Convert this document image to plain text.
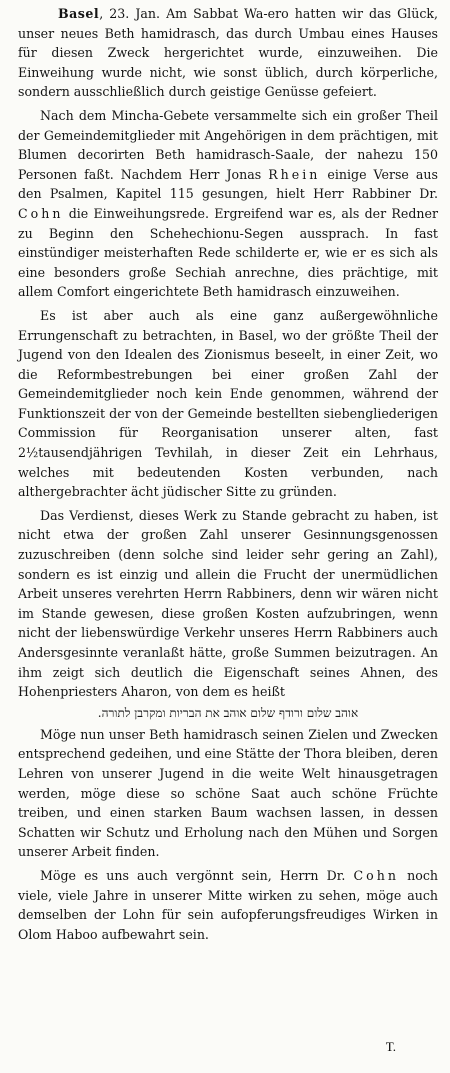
Basel, 23. Jan. Am Sabbat Wa-ero hatten wir das Glück, unser neues Beth hamidrasch, das durch Umbau eines Hauses für diesen Zweck hergerichtet wurde, einzuweihen. Die Einweihung wurde nicht, wie sonst üblich, durch körperliche, sondern ausschließlich durch geistige Genüsse gefeiert.

Nach dem Mincha-Gebete versammelte sich ein großer Theil der Gemeindemitglieder mit Angehörigen in dem prächtigen, mit Blumen decorirten Beth hamidrasch-Saale, der nahezu 150 Personen faßt. Nachdem Herr Jonas Rhein einige Verse aus den Psalmen, Kapitel 115 gesungen, hielt Herr Rabbiner Dr. Cohn die Einweihungsrede. Ergreifend war es, als der Redner zu Beginn den Schehechionu-Segen aussprach. In fast einstündiger meisterhaften Rede schilderte er, wie er es sich als eine besonders große Sechiah anrechne, dies prächtige, mit allem Comfort eingerichtete Beth hamidrasch einzuweihen.

Es ist aber auch als eine ganz außergewöhnliche Errungenschaft zu betrachten, in Basel, wo der größte Theil der Jugend von den Idealen des Zionismus beseelt, in einer Zeit, wo die Reformbestrebungen bei einer großen Zahl der Gemeindemitglieder noch kein Ende genommen, während der Funktionszeit der von der Gemeinde bestellten siebengliederigen Commission für Reorganisation unserer alten, fast 2½tausendjährigen Tevhilah, in dieser Zeit ein Lehrhaus, welches mit bedeutenden Kosten verbunden, nach althergebrachter ächt jüdischer Sitte zu gründen.

Das Verdienst, dieses Werk zu Stande gebracht zu haben, ist nicht etwa der großen Zahl unserer Gesinnungsgenossen zuzuschreiben (denn solche sind leider sehr gering an Zahl), sondern es ist einzig und allein die Frucht der unermüdlichen Arbeit unseres verehrten Herrn Rabbiners, denn wir wären nicht im Stande gewesen, diese großen Kosten aufzubringen, wenn nicht der liebenswürdige Verkehr unseres Herrn Rabbiners auch Andersgesinnte veranlaßt hätte, große Summen beizutragen. An ihm zeigt sich deutlich die Eigenschaft seines Ahnen, des Hohenpriesters Aharon, von dem es heißt

אוהב שלום ורודף שלום אוהב את הבריות ומקרבן לתורה.

Möge nun unser Beth hamidrasch seinen Zielen und Zwecken entsprechend gedeihen, und eine Stätte der Thora bleiben, deren Lehren von unserer Jugend in die weite Welt hinausgetragen werden, möge diese so schöne Saat auch schöne Früchte treiben, und einen starken Baum wachsen lassen, in dessen Schatten wir Schutz und Erholung nach den Mühen und Sorgen unserer Arbeit finden.

Möge es uns auch vergönnt sein, Herrn Dr. Cohn noch viele, viele Jahre in unserer Mitte wirken zu sehen, möge auch demselben der Lohn für sein aufopferungsfreudiges Wirken in Olom Haboo aufbewahrt sein.

T.
